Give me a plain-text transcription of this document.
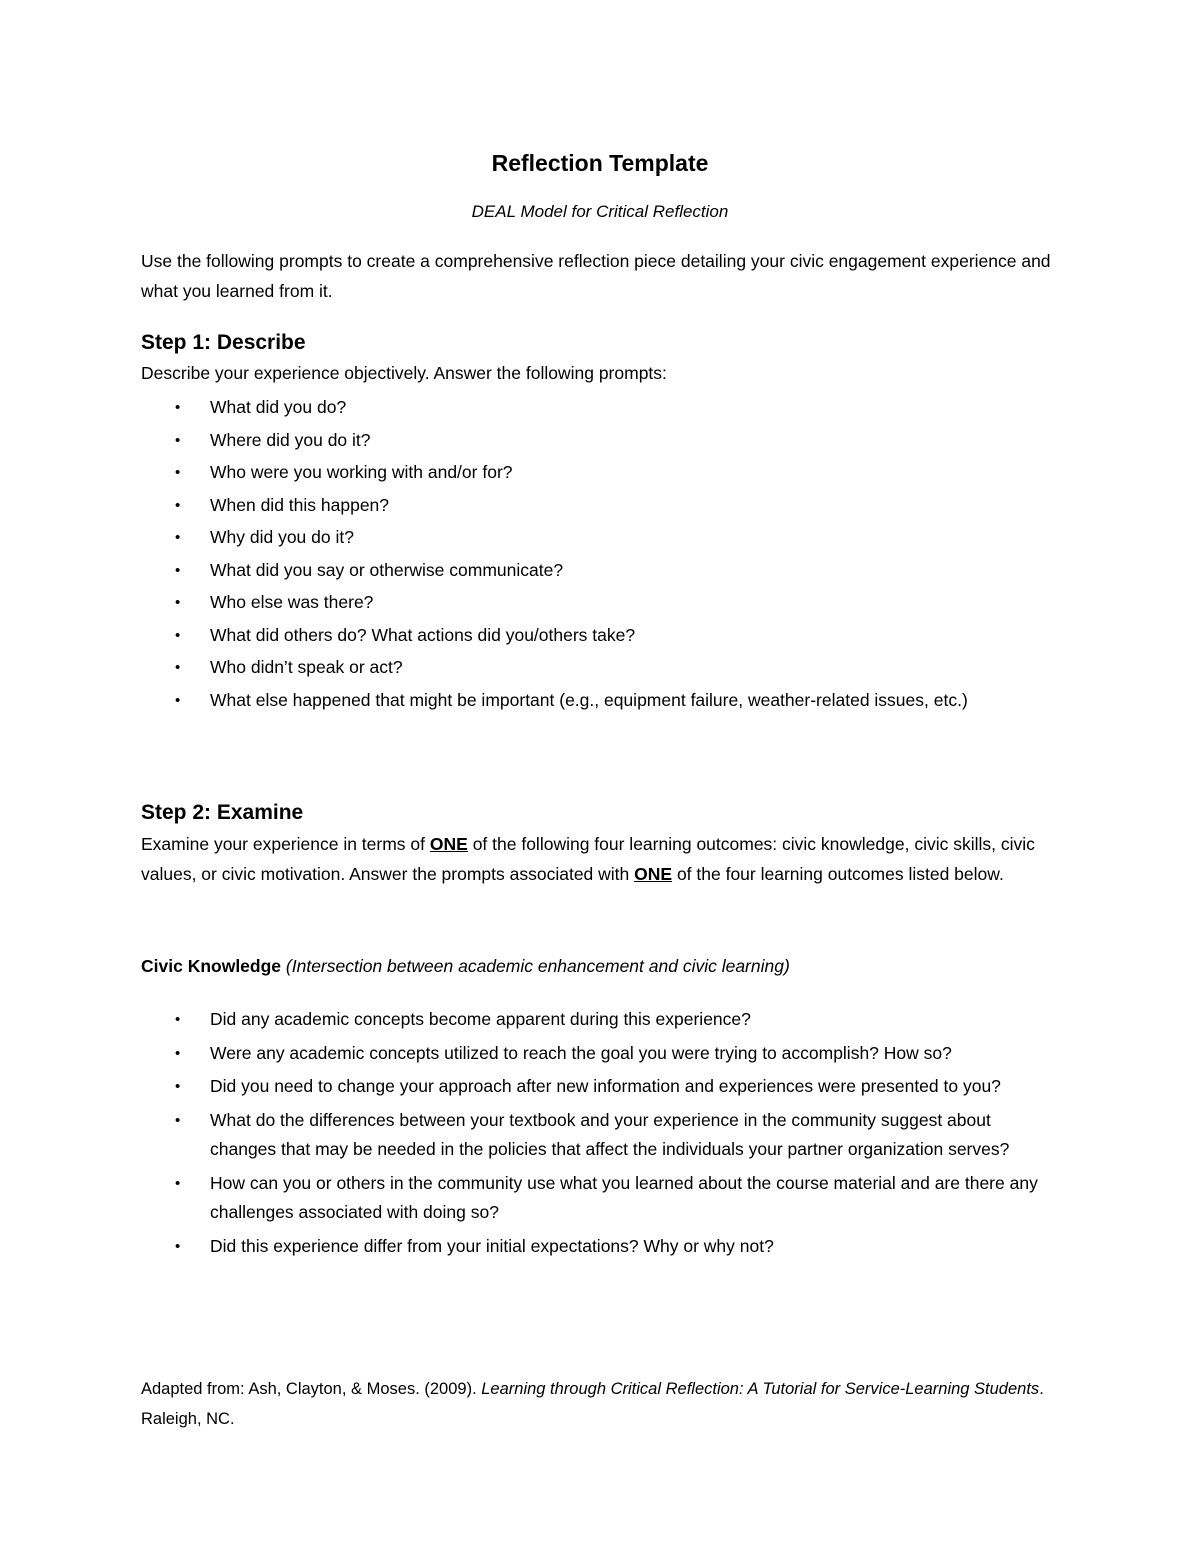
Reflection Template
DEAL Model for Critical Reflection
Use the following prompts to create a comprehensive reflection piece detailing your civic engagement experience and what you learned from it.
Step 1: Describe
Describe your experience objectively. Answer the following prompts:
• What did you do?
• Where did you do it?
• Who were you working with and/or for?
• When did this happen?
• Why did you do it?
• What did you say or otherwise communicate?
• Who else was there?
• What did others do? What actions did you/others take?
• Who didn’t speak or act?
• What else happened that might be important (e.g., equipment failure, weather-related issues, etc.)
Step 2: Examine
Examine your experience in terms of ONE of the following four learning outcomes: civic knowledge, civic skills, civic values, or civic motivation. Answer the prompts associated with ONE of the four learning outcomes listed below.
Civic Knowledge (Intersection between academic enhancement and civic learning)
• Did any academic concepts become apparent during this experience?
• Were any academic concepts utilized to reach the goal you were trying to accomplish? How so?
• Did you need to change your approach after new information and experiences were presented to you?
• What do the differences between your textbook and your experience in the community suggest about changes that may be needed in the policies that affect the individuals your partner organization serves?
• How can you or others in the community use what you learned about the course material and are there any challenges associated with doing so?
• Did this experience differ from your initial expectations? Why or why not?
Adapted from: Ash, Clayton, & Moses. (2009). Learning through Critical Reflection: A Tutorial for Service-Learning Students. Raleigh, NC.
